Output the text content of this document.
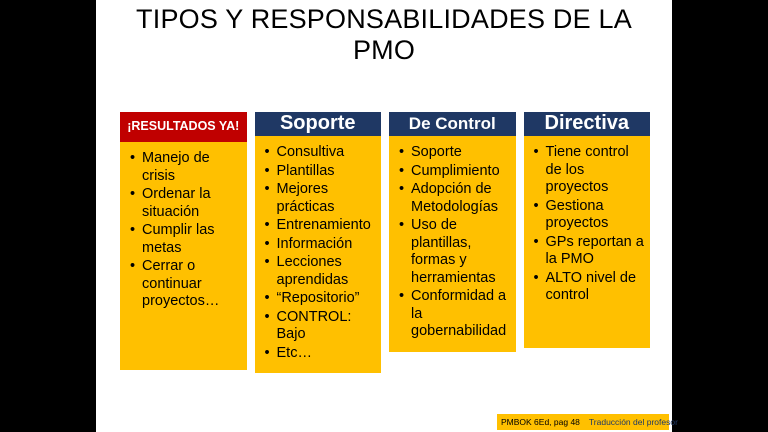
TIPOS Y RESPONSABILIDADES DE LA PMO
¡RESULTADOS YA!
• Manejo de crisis
• Ordenar la situación
• Cumplir las metas
• Cerrar o continuar proyectos…
Soporte
• Consultiva
• Plantillas
• Mejores prácticas
• Entrenamiento
• Información
• Lecciones aprendidas
• “Repositorio”
• CONTROL: Bajo
• Etc…
De Control
• Soporte
• Cumplimiento
• Adopción de Metodologías
• Uso de plantillas, formas y herramientas
• Conformidad a la gobernabilidad
Directiva
• Tiene control de los proyectos
• Gestiona proyectos
• GPs reportan a la PMO
• ALTO nivel de control
PMBOK 6Ed, pag 48 Traducción del profesor
